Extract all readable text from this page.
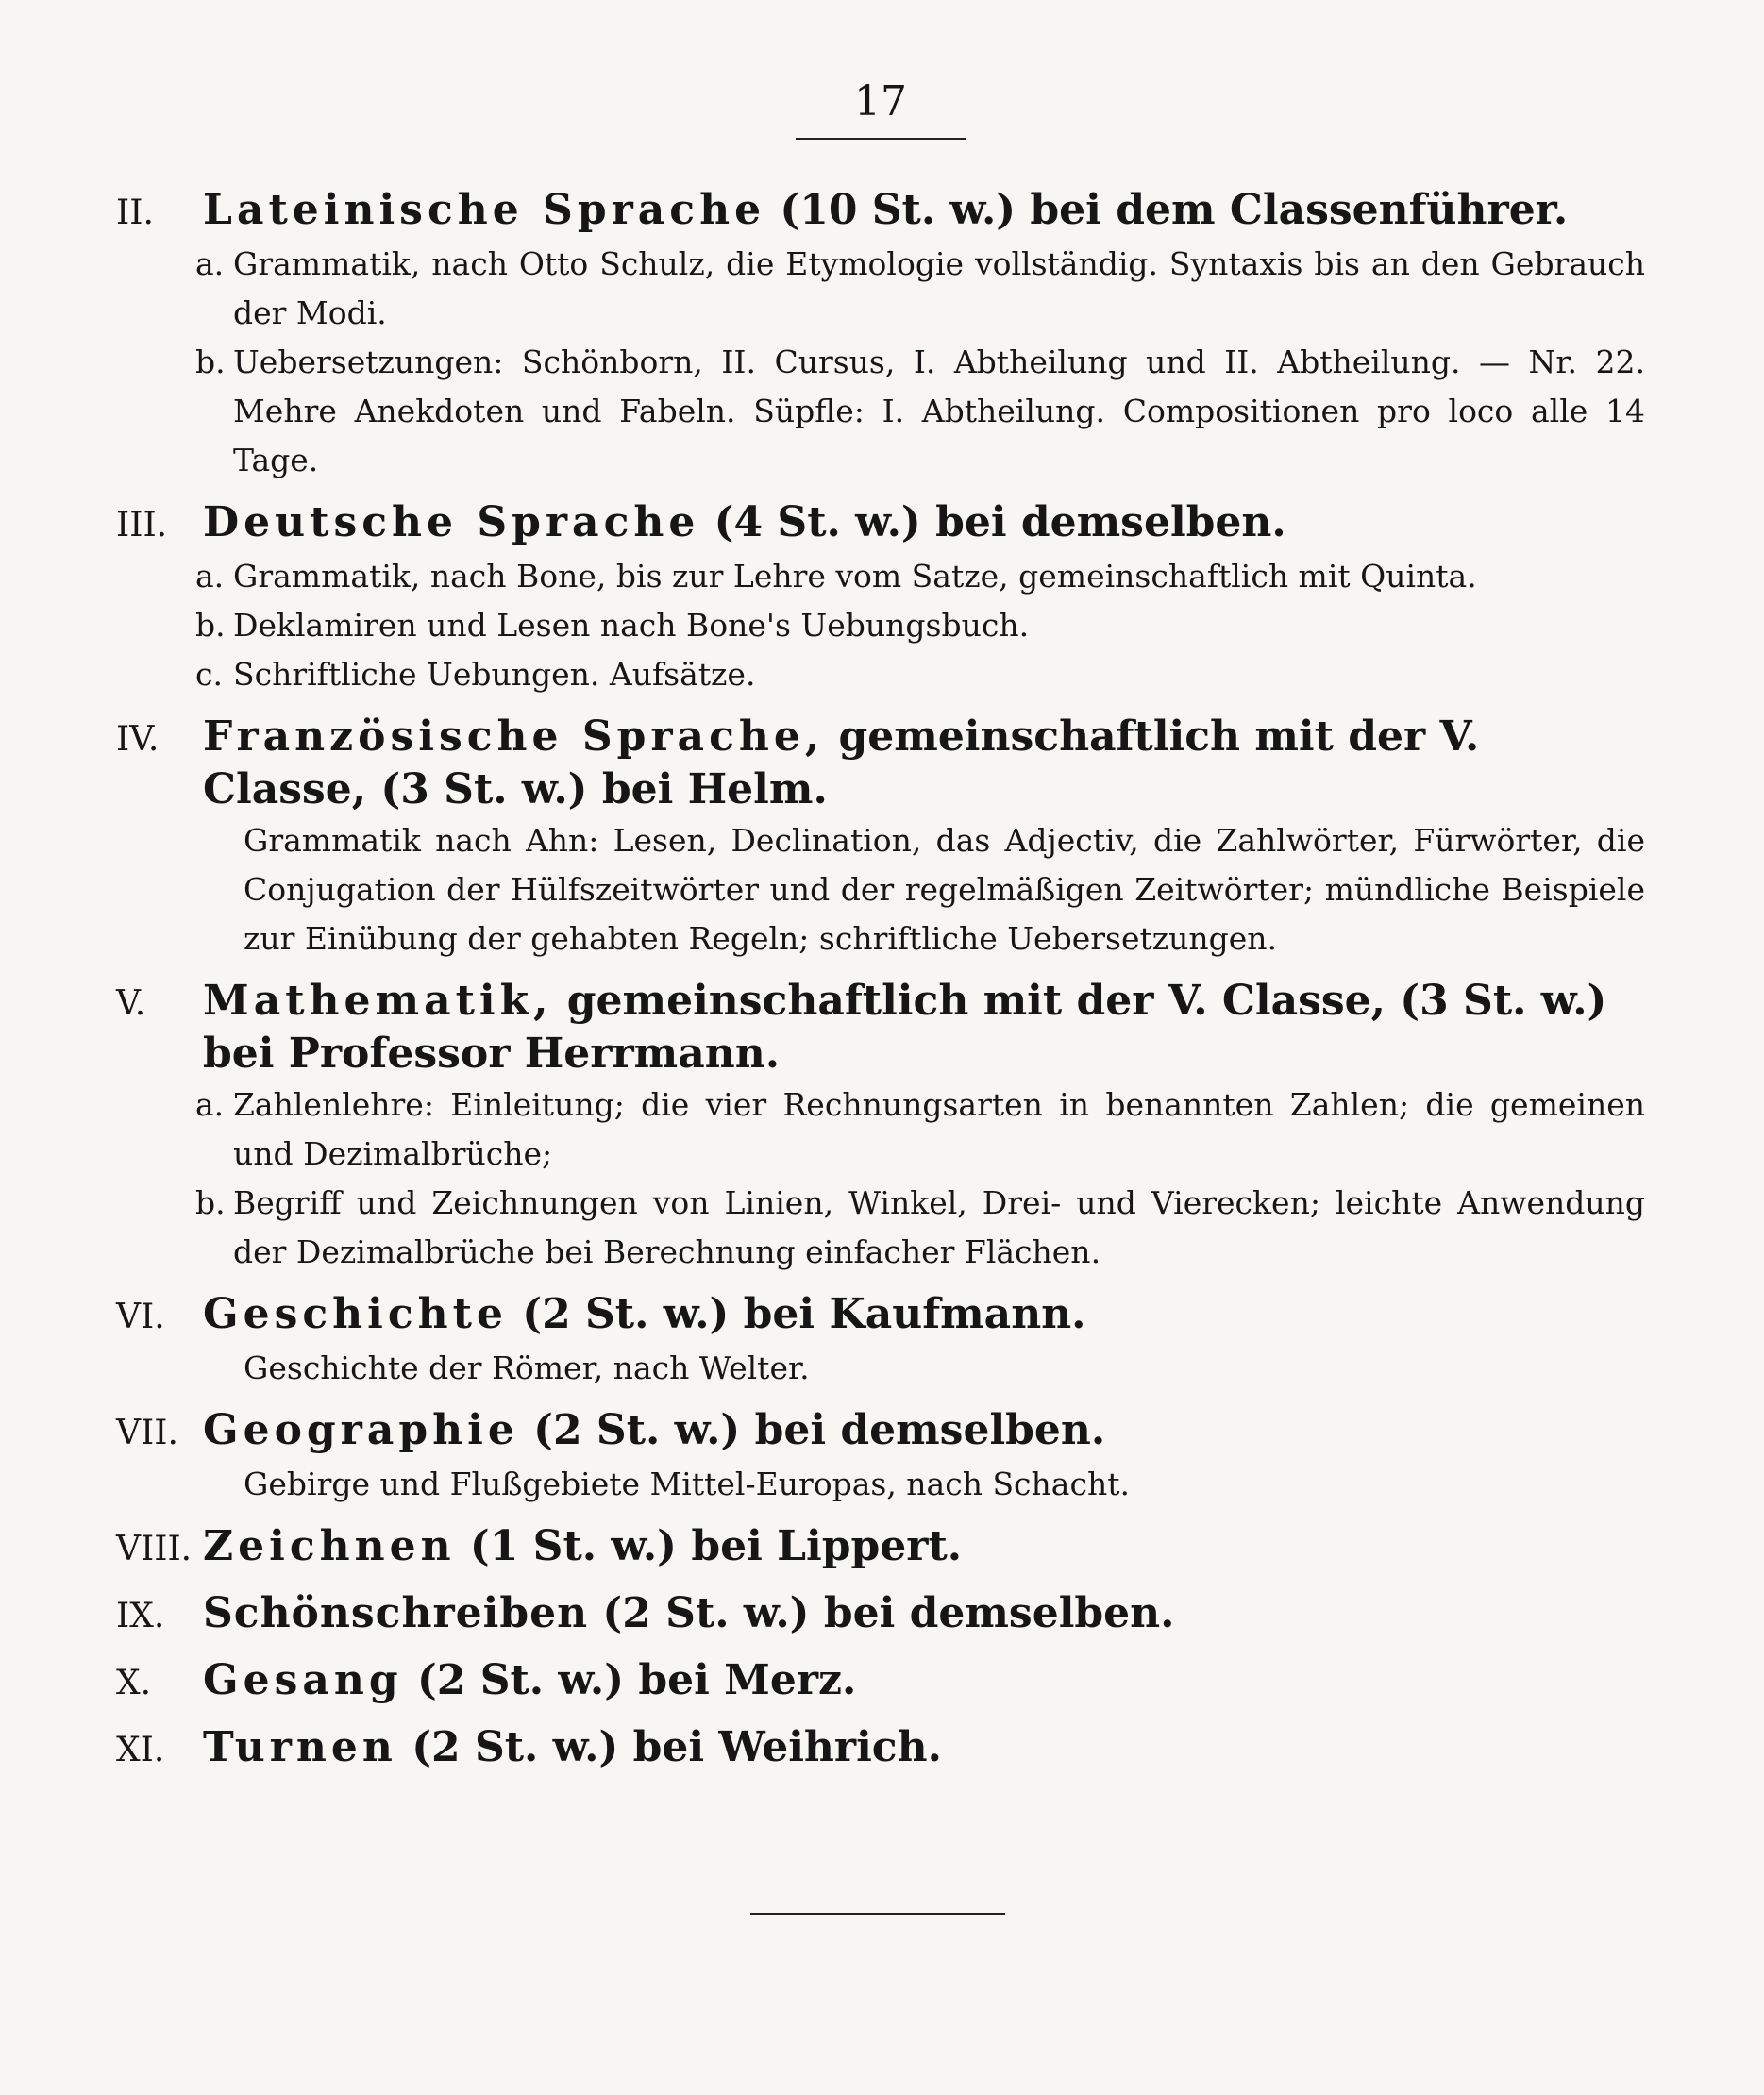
17
II.	Lateinische Sprache (10 St. w.) bei dem Classenführer.
a. Grammatik, nach Otto Schulz, die Etymologie vollständig. Syntaxis bis an den Gebrauch der Modi.
b. Uebersetzungen: Schönborn, II. Cursus, I. Abtheilung und II. Abtheilung. — Nr. 22. Mehre Anekdoten und Fabeln. Süpfle: I. Abtheilung. Compositionen pro loco alle 14 Tage.
III. Deutsche Sprache (4 St. w.) bei demselben.
a. Grammatik, nach Bone, bis zur Lehre vom Satze, gemeinschaftlich mit Quinta.
b. Deklamiren und Lesen nach Bone's Uebungsbuch.
c. Schriftliche Uebungen. Aufsätze.
IV.	Französische Sprache, gemeinschaftlich mit der V. Classe, (3 St. w.) bei Helm.
Grammatik nach Ahn: Lesen, Declination, das Adjectiv, die Zahlwörter, Fürwörter, die Conjugation der Hülfszeitwörter und der regelmäßigen Zeitwörter; mündliche Beispiele zur Einübung der gehabten Regeln; schriftliche Uebersetzungen.
V.	Mathematik, gemeinschaftlich mit der V. Classe, (3 St. w.) bei Professor Herrmann.
a. Zahlenlehre: Einleitung; die vier Rechnungsarten in benannten Zahlen; die gemeinen und Dezimalbrüche;
b. Begriff und Zeichnungen von Linien, Winkel, Drei- und Vierecken; leichte Anwendung der Dezimalbrüche bei Berechnung einfacher Flächen.
VI. Geschichte (2 St. w.) bei Kaufmann.
Geschichte der Römer, nach Welter.
VII. Geographie (2 St. w.) bei demselben.
Gebirge und Flußgebiete Mittel-Europas, nach Schacht.
VIII. Zeichnen (1 St. w.) bei Lippert.
IX. Schönschreiben (2 St. w.) bei demselben.
X.	Gesang (2 St. w.) bei Merz.
XI. Turnen (2 St. w.) bei Weihrich.
